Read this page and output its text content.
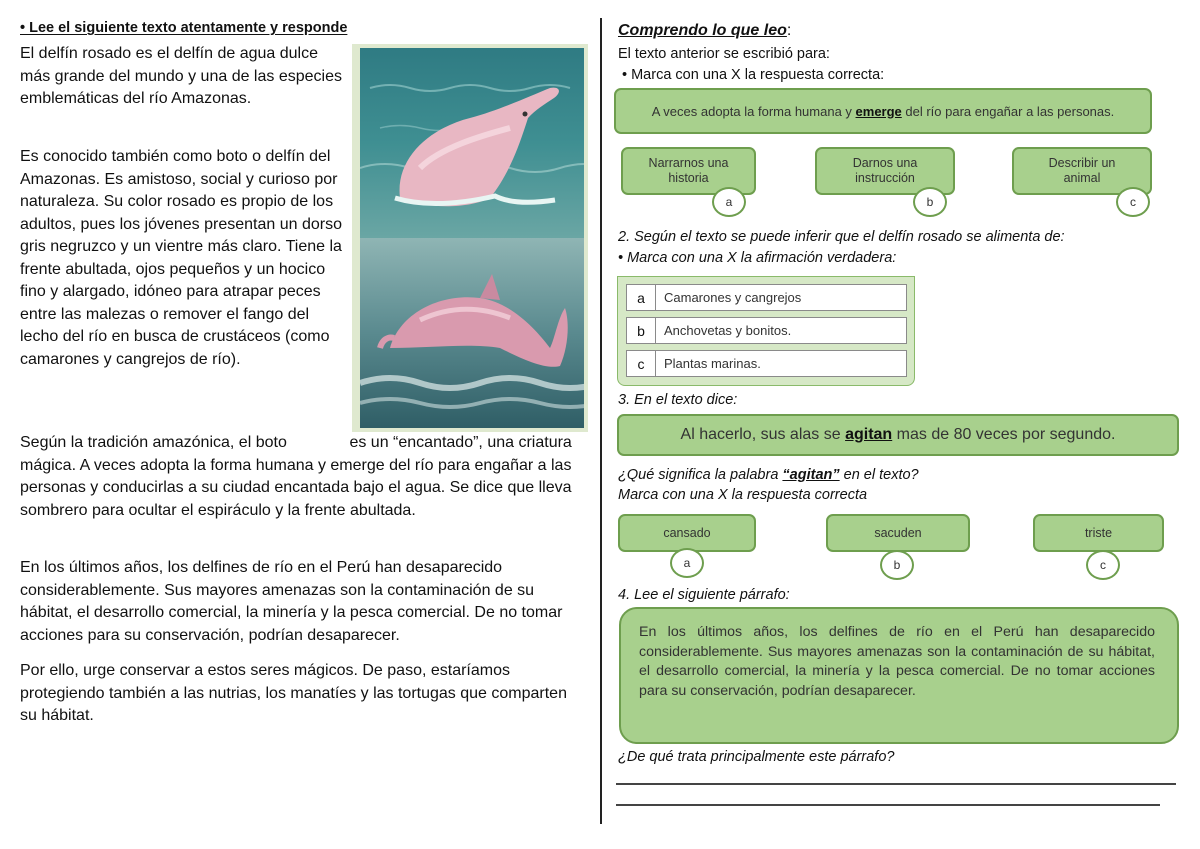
• Lee el siguiente texto atentamente y responde

El delfín rosado es el delfín de agua dulce más grande del mundo y una de las especies emblemáticas del río Amazonas.

Es conocido también como boto o delfín del Amazonas. Es amistoso, social y curioso por naturaleza. Su color rosado es propio de los adultos, pues los jóvenes presentan un dorso gris negruzco y un vientre más claro. Tiene la frente abultada, ojos pequeños y un hocico fino y alargado, idóneo para atrapar peces entre las malezas o remover el fango del lecho del río en busca de crustáceos (como camarones y cangrejos de río).

Según la tradición amazónica, el boto	es un “encantado”, una criatura mágica. A veces adopta la forma humana y emerge del río para engañar a las personas y conducirlas a su ciudad encantada bajo el agua. Se dice que lleva sombrero para ocultar el espiráculo y la frente abultada.

En los últimos años, los delfines de río en el Perú han desaparecido considerablemente. Sus mayores amenazas son la contaminación de su hábitat, el desarrollo comercial, la minería y la pesca comercial. De no tomar acciones para su conservación, podrían desaparecer.

Por ello, urge conservar a estos seres mágicos. De paso, estaríamos protegiendo también a las nutrias, los manatíes y las tortugas que comparten su hábitat.

Comprendo lo que leo:
El texto anterior se escribió para:
• Marca con una X la respuesta correcta:
A veces adopta la forma humana y emerge del río para engañar a las personas.
Narrarnos una historia
a
Darnos una instrucción
b
Describir un animal
c
2. Según el texto se puede inferir que el delfín rosado se alimenta de:
• Marca con una X la afirmación verdadera:
a	Camarones y cangrejos
b	Anchovetas y bonitos.
c	Plantas marinas.
3. En el texto dice:
Al hacerlo, sus alas se agitan mas de 80 veces por segundo.
¿Qué significa la palabra “agitan” en el texto?
Marca con una X la respuesta correcta
cansado
a
sacuden
b
triste
c
4. Lee el siguiente párrafo:
En los últimos años, los delfines de río en el Perú han desaparecido considerablemente. Sus mayores amenazas son la contaminación de su hábitat, el desarrollo comercial, la minería y la pesca comercial. De no tomar acciones para su conservación, podrían desaparecer.
¿De qué trata principalmente este párrafo?
